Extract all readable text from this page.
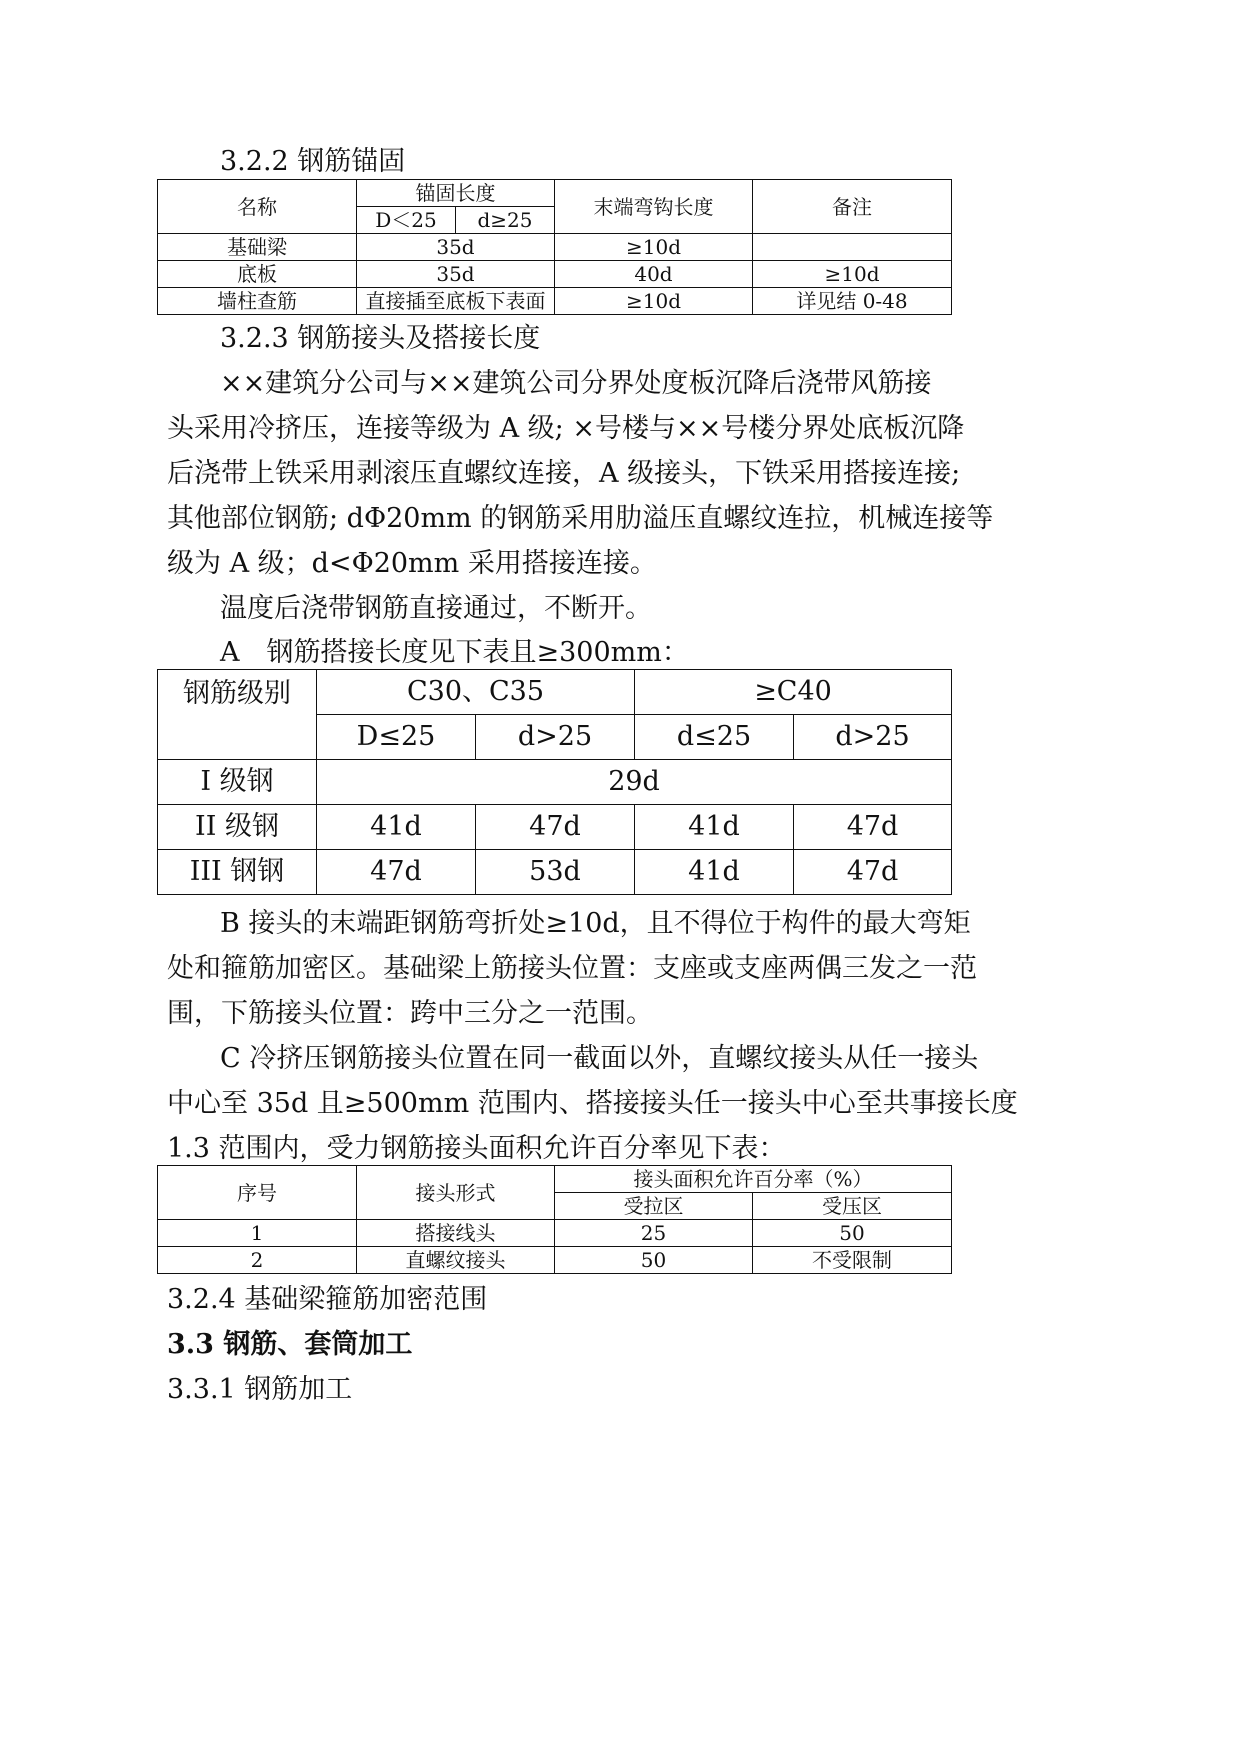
3.2.2 钢筋锚固
名称	锚固长度		末端弯钩长度	备注
	D＜25	d≥25		
基础梁	35d		≥10d	
底板	35d		40d	≥10d
墙柱查筋	直接插至底板下表面		≥10d	详见结 0-48
3.2.3 钢筋接头及搭接长度
××建筑分公司与××建筑公司分界处度板沉降后浇带风筋接
头采用冷挤压，连接等级为 A 级; ×号楼与××号楼分界处底板沉降
后浇带上铁采用剥滚压直螺纹连接，A 级接头，下铁采用搭接连接;
其他部位钢筋; dΦ20mm 的钢筋采用肋溢压直螺纹连拉，机械连接等
级为 A 级；d<Φ20mm 采用搭接连接。
温度后浇带钢筋直接通过，不断开。
A　钢筋搭接长度见下表且≥300mm：
钢筋级别	C30、C35		≥C40	
	D≤25	d>25	d≤25	d>25
I 级钢	29d			
II 级钢	41d	47d	41d	47d
III 钢钢	47d	53d	41d	47d
B 接头的末端距钢筋弯折处≥10d，且不得位于构件的最大弯矩
处和箍筋加密区。基础梁上筋接头位置：支座或支座两偶三发之一范
围，下筋接头位置：跨中三分之一范围。
C 冷挤压钢筋接头位置在同一截面以外，直螺纹接头从任一接头
中心至 35d 且≥500mm 范围内、搭接接头任一接头中心至共事接长度
1.3 范围内，受力钢筋接头面积允许百分率见下表：
序号	接头形式	接头面积允许百分率（%）	
		受拉区	受压区
1	搭接线头	25	50
2	直螺纹接头	50	不受限制
3.2.4 基础梁箍筋加密范围
3.3 钢筋、套筒加工
3.3.1 钢筋加工
